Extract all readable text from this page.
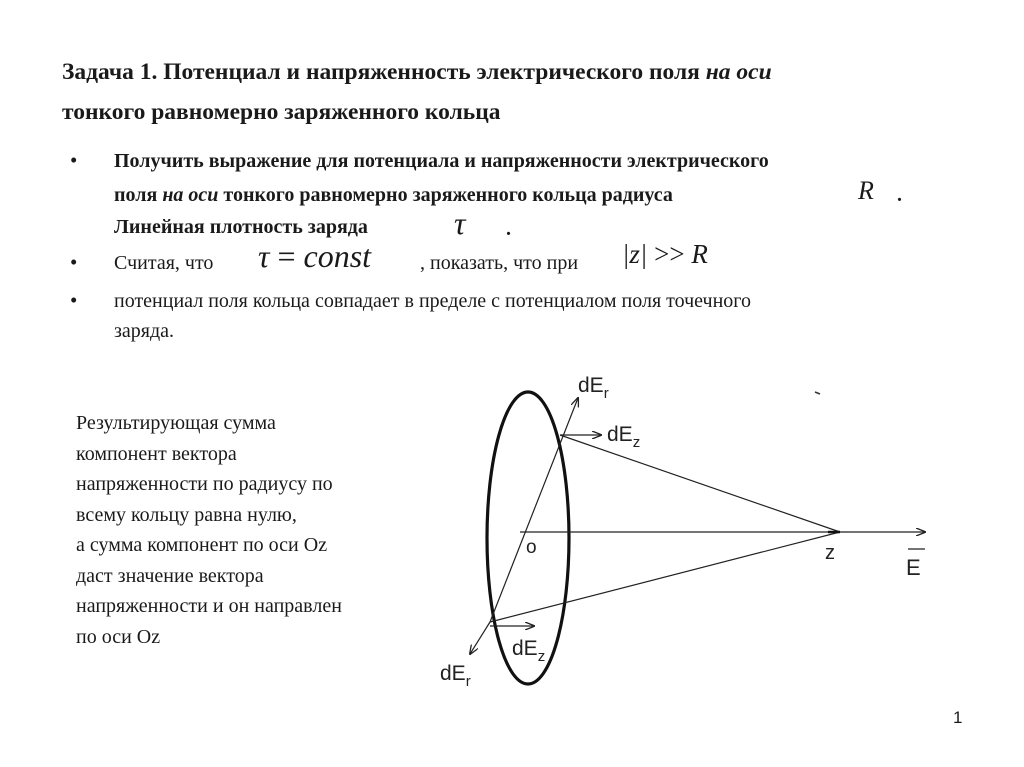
Задача 1. Потенциал и напряженность электрического поля на оси
тонкого равномерно заряженного кольца
• Получить выражение для потенциала и напряженности электрического
поля на оси тонкого равномерно заряженного кольца радиуса	R .
Линейная плотность заряда	τ .
• Считая, что τ = const , показать, что при |z| >> R
• потенциал поля кольца совпадает в пределе с потенциалом поля точечного
заряда.
Результирующая сумма
компонент вектора
напряженности по радиусу по
всему кольцу равна нулю,
а сумма компонент по оси Oz
даст значение вектора
напряженности и он направлен
по оси Oz
$dE_r$
$dE_z$
o	z
E
$dE_z$
$dE_r$
1
